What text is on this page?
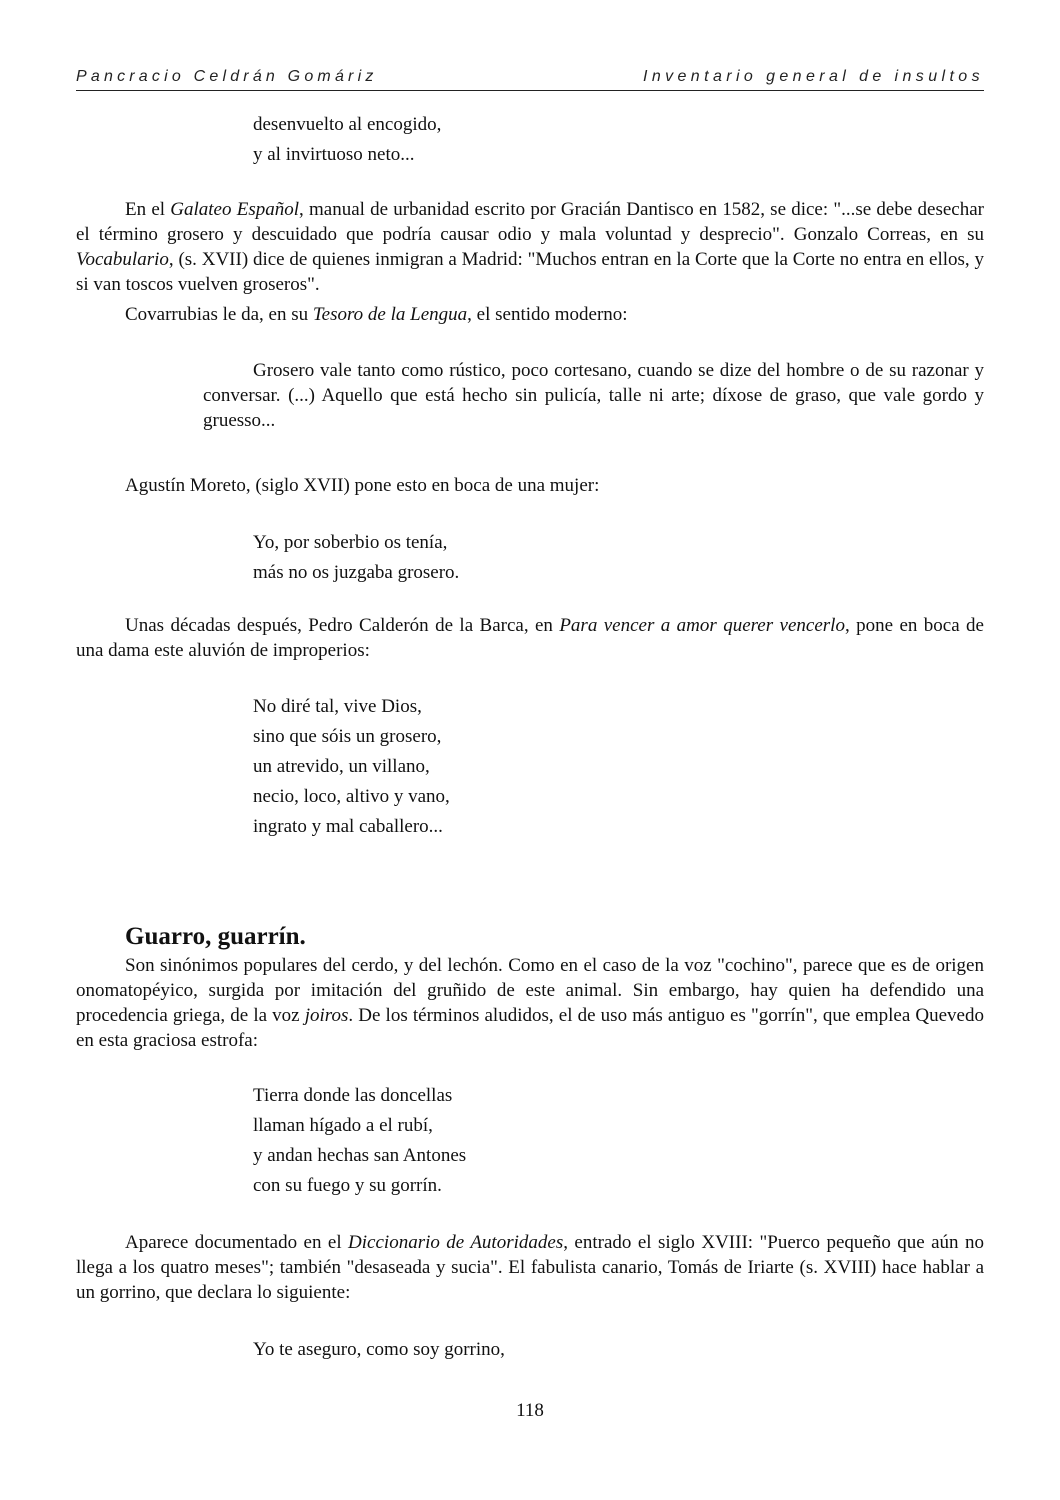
Pancracio Celdrán Gomáriz	Inventario general de insultos
desenvuelto al encogido,
y al invirtuoso neto...

En el Galateo Español, manual de urbanidad escrito por Gracián Dantisco en 1582, se dice: "...se debe desechar el término grosero y descuidado que podría causar odio y mala voluntad y desprecio". Gonzalo Correas, en su Vocabulario, (s. XVII) dice de quienes inmigran a Madrid: "Muchos entran en la Corte que la Corte no entra en ellos, y si van toscos vuelven groseros".

Covarrubias le da, en su Tesoro de la Lengua, el sentido moderno:

Grosero vale tanto como rústico, poco cortesano, cuando se dize del hombre o de su razonar y conversar. (...) Aquello que está hecho sin pulicía, talle ni arte; díxose de graso, que vale gordo y gruesso...

Agustín Moreto, (siglo XVII) pone esto en boca de una mujer:

Yo, por soberbio os tenía,
más no os juzgaba grosero.

Unas décadas después, Pedro Calderón de la Barca, en Para vencer a amor querer vencerlo, pone en boca de una dama este aluvión de improperios:

No diré tal, vive Dios,
sino que sóis un grosero,
un atrevido, un villano,
necio, loco, altivo y vano,
ingrato y mal caballero...
Guarro, guarrín.

Son sinónimos populares del cerdo, y del lechón. Como en el caso de la voz "cochino", parece que es de origen onomatopéyico, surgida por imitación del gruñido de este animal. Sin embargo, hay quien ha defendido una procedencia griega, de la voz joiros. De los términos aludidos, el de uso más antiguo es "gorrín", que emplea Quevedo en esta graciosa estrofa:

Tierra donde las doncellas
llaman hígado a el rubí,
y andan hechas san Antones
con su fuego y su gorrín.

Aparece documentado en el Diccionario de Autoridades, entrado el siglo XVIII: "Puerco pequeño que aún no llega a los quatro meses"; también "desaseada y sucia". El fabulista canario, Tomás de Iriarte (s. XVIII) hace hablar a un gorrino, que declara lo siguiente:

Yo te aseguro, como soy gorrino,
118
